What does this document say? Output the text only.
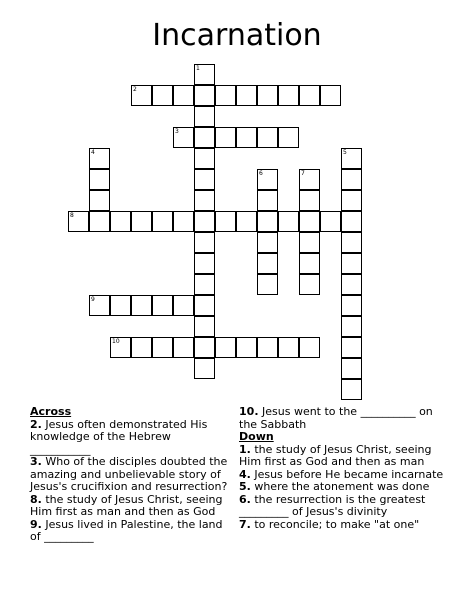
Incarnation
1
2
3
4	5
6	7
8
9
10
Across
2. Jesus often demonstrated His knowledge of the Hebrew ___________
3. Who of the disciples doubted the amazing and unbelievable story of Jesus's crucifixion and resurrection?
8. the study of Jesus Christ, seeing Him first as man and then as God
9. Jesus lived in Palestine, the land of _________
10. Jesus went to the __________ on the Sabbath
Down
1. the study of Jesus Christ, seeing Him first as God and then as man
4. Jesus before He became incarnate
5. where the atonement was done
6. the resurrection is the greatest _________ of Jesus's divinity
7. to reconcile; to make "at one"
